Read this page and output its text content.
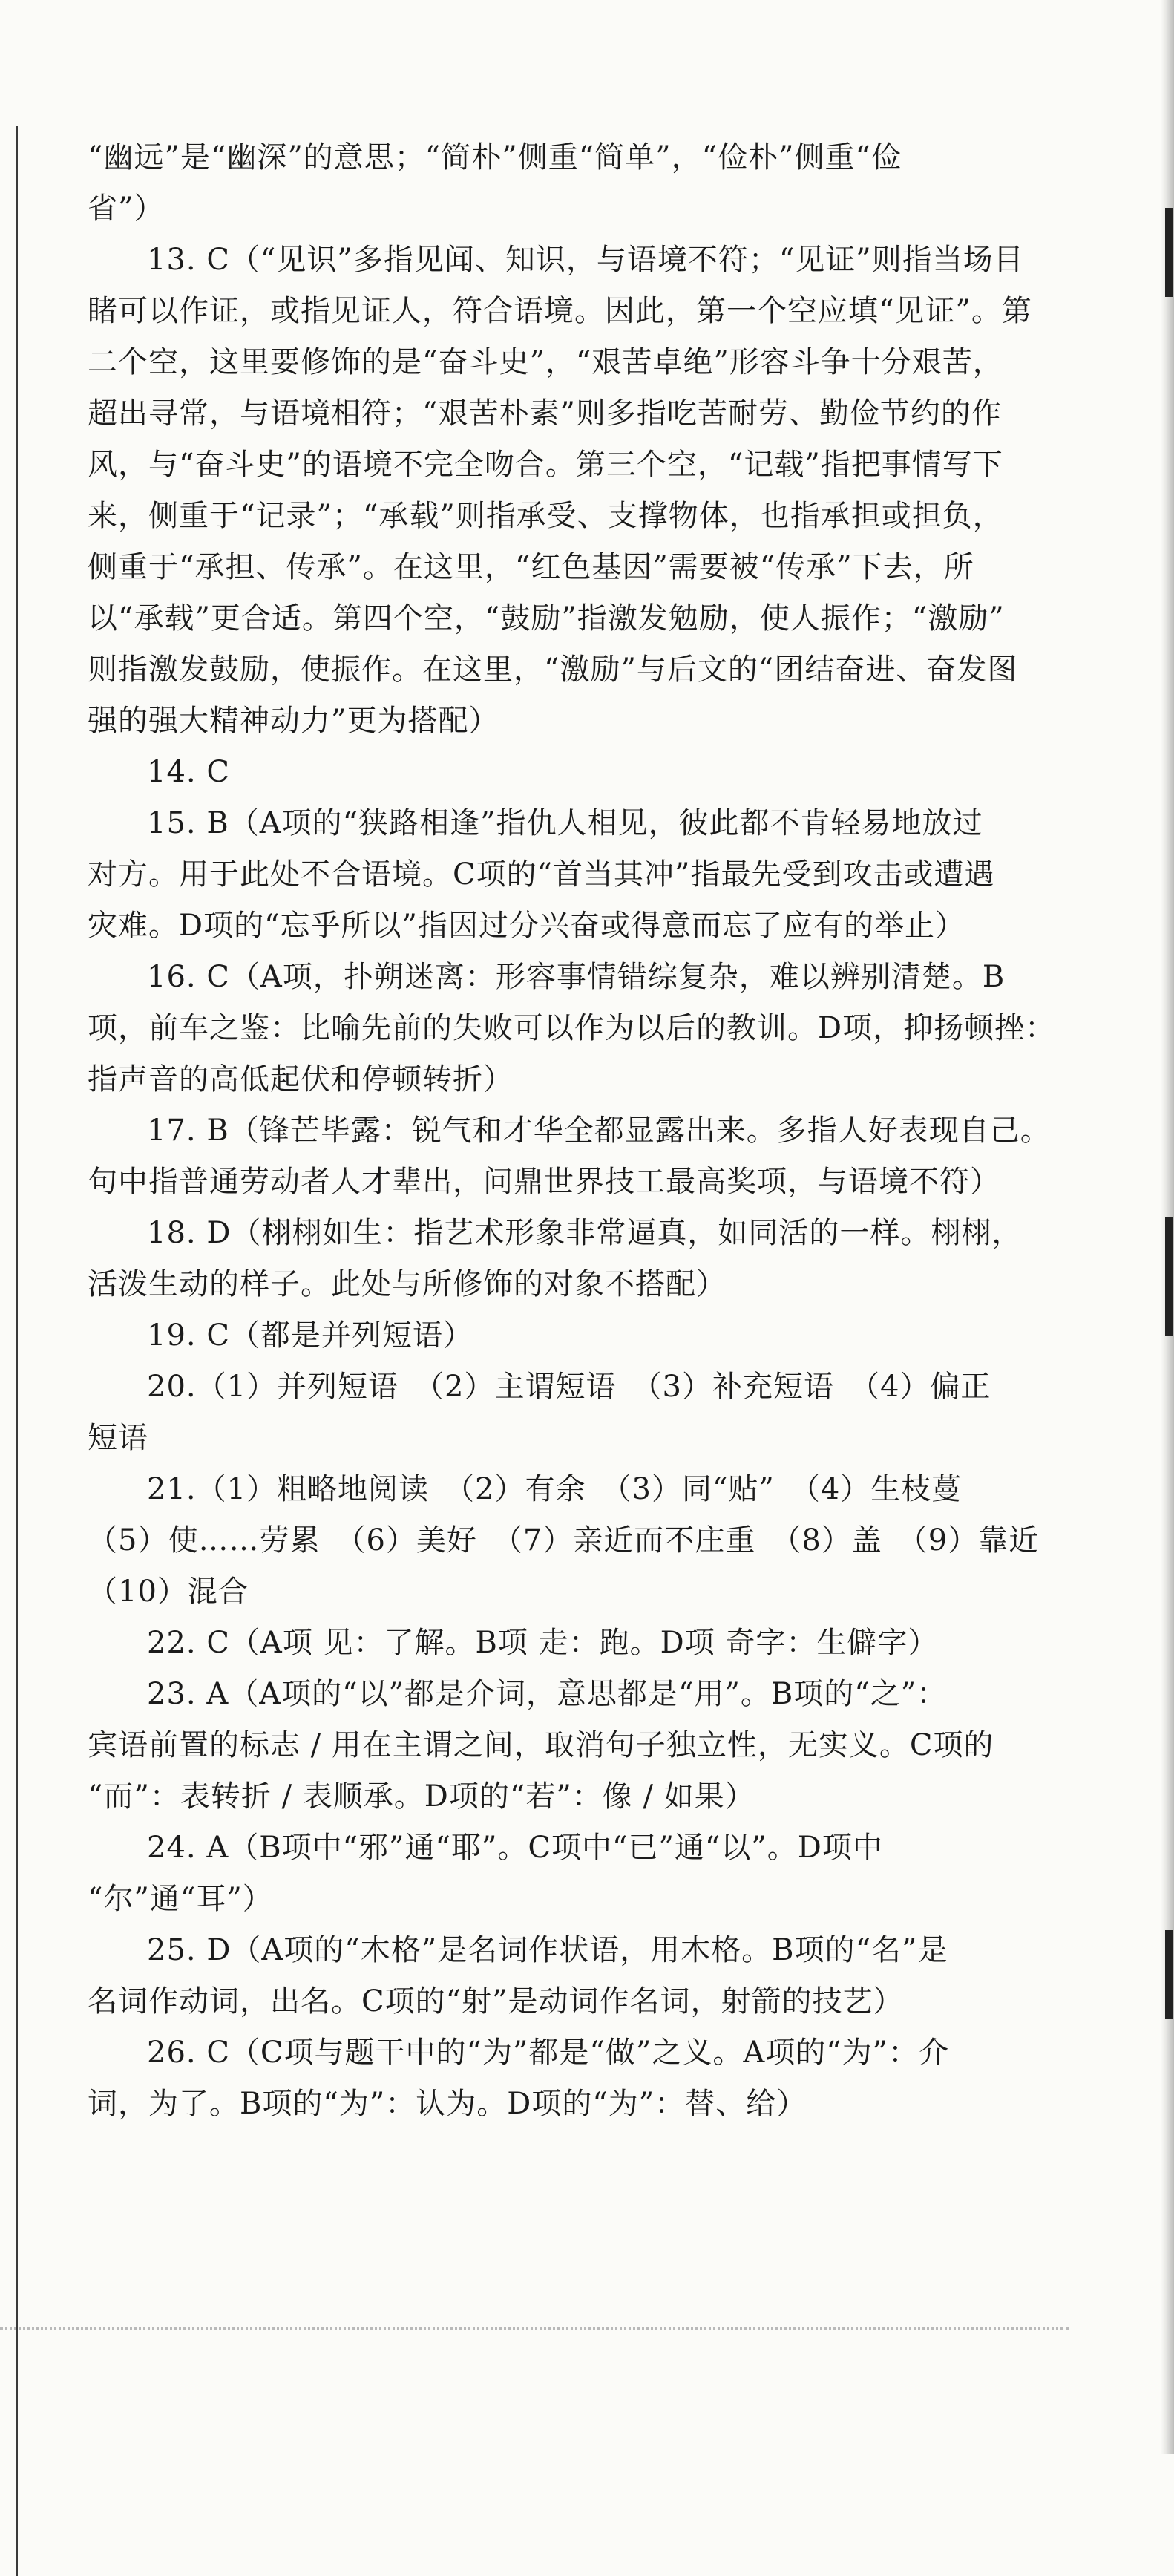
“幽远”是“幽深”的意思；“简朴”侧重“简单”，“俭朴”侧重“俭
省”）
13. C（“见识”多指见闻、知识，与语境不符；“见证”则指当场目
睹可以作证，或指见证人，符合语境。因此，第一个空应填“见证”。第
二个空，这里要修饰的是“奋斗史”，“艰苦卓绝”形容斗争十分艰苦，
超出寻常，与语境相符；“艰苦朴素”则多指吃苦耐劳、勤俭节约的作
风，与“奋斗史”的语境不完全吻合。第三个空，“记载”指把事情写下
来，侧重于“记录”；“承载”则指承受、支撑物体，也指承担或担负，
侧重于“承担、传承”。在这里，“红色基因”需要被“传承”下去，所
以“承载”更合适。第四个空，“鼓励”指激发勉励，使人振作；“激励”
则指激发鼓励，使振作。在这里，“激励”与后文的“团结奋进、奋发图
强的强大精神动力”更为搭配）
14. C
15. B（A项的“狭路相逢”指仇人相见，彼此都不肯轻易地放过
对方。用于此处不合语境。C项的“首当其冲”指最先受到攻击或遭遇
灾难。D项的“忘乎所以”指因过分兴奋或得意而忘了应有的举止）
16. C（A项，扑朔迷离：形容事情错综复杂，难以辨别清楚。B
项，前车之鉴：比喻先前的失败可以作为以后的教训。D项，抑扬顿挫：
指声音的高低起伏和停顿转折）
17. B（锋芒毕露：锐气和才华全都显露出来。多指人好表现自己。
句中指普通劳动者人才辈出，问鼎世界技工最高奖项，与语境不符）
18. D（栩栩如生：指艺术形象非常逼真，如同活的一样。栩栩，
活泼生动的样子。此处与所修饰的对象不搭配）
19. C（都是并列短语）
20.（1）并列短语　（2）主谓短语　（3）补充短语　（4）偏正
短语
21.（1）粗略地阅读　（2）有余　（3）同“贴”　（4）生枝蔓
（5）使……劳累　（6）美好　（7）亲近而不庄重　（8）盖　（9）靠近
（10）混合
22. C（A项 见：了解。B项 走：跑。D项 奇字：生僻字）
23. A（A项的“以”都是介词，意思都是“用”。B项的“之”：
宾语前置的标志 / 用在主谓之间，取消句子独立性，无实义。C项的
“而”：表转折 / 表顺承。D项的“若”：像 / 如果）
24. A（B项中“邪”通“耶”。C项中“已”通“以”。D项中
“尔”通“耳”）
25. D（A项的“木格”是名词作状语，用木格。B项的“名”是
名词作动词，出名。C项的“射”是动词作名词，射箭的技艺）
26. C（C项与题干中的“为”都是“做”之义。A项的“为”：介
词，为了。B项的“为”：认为。D项的“为”：替、给）
